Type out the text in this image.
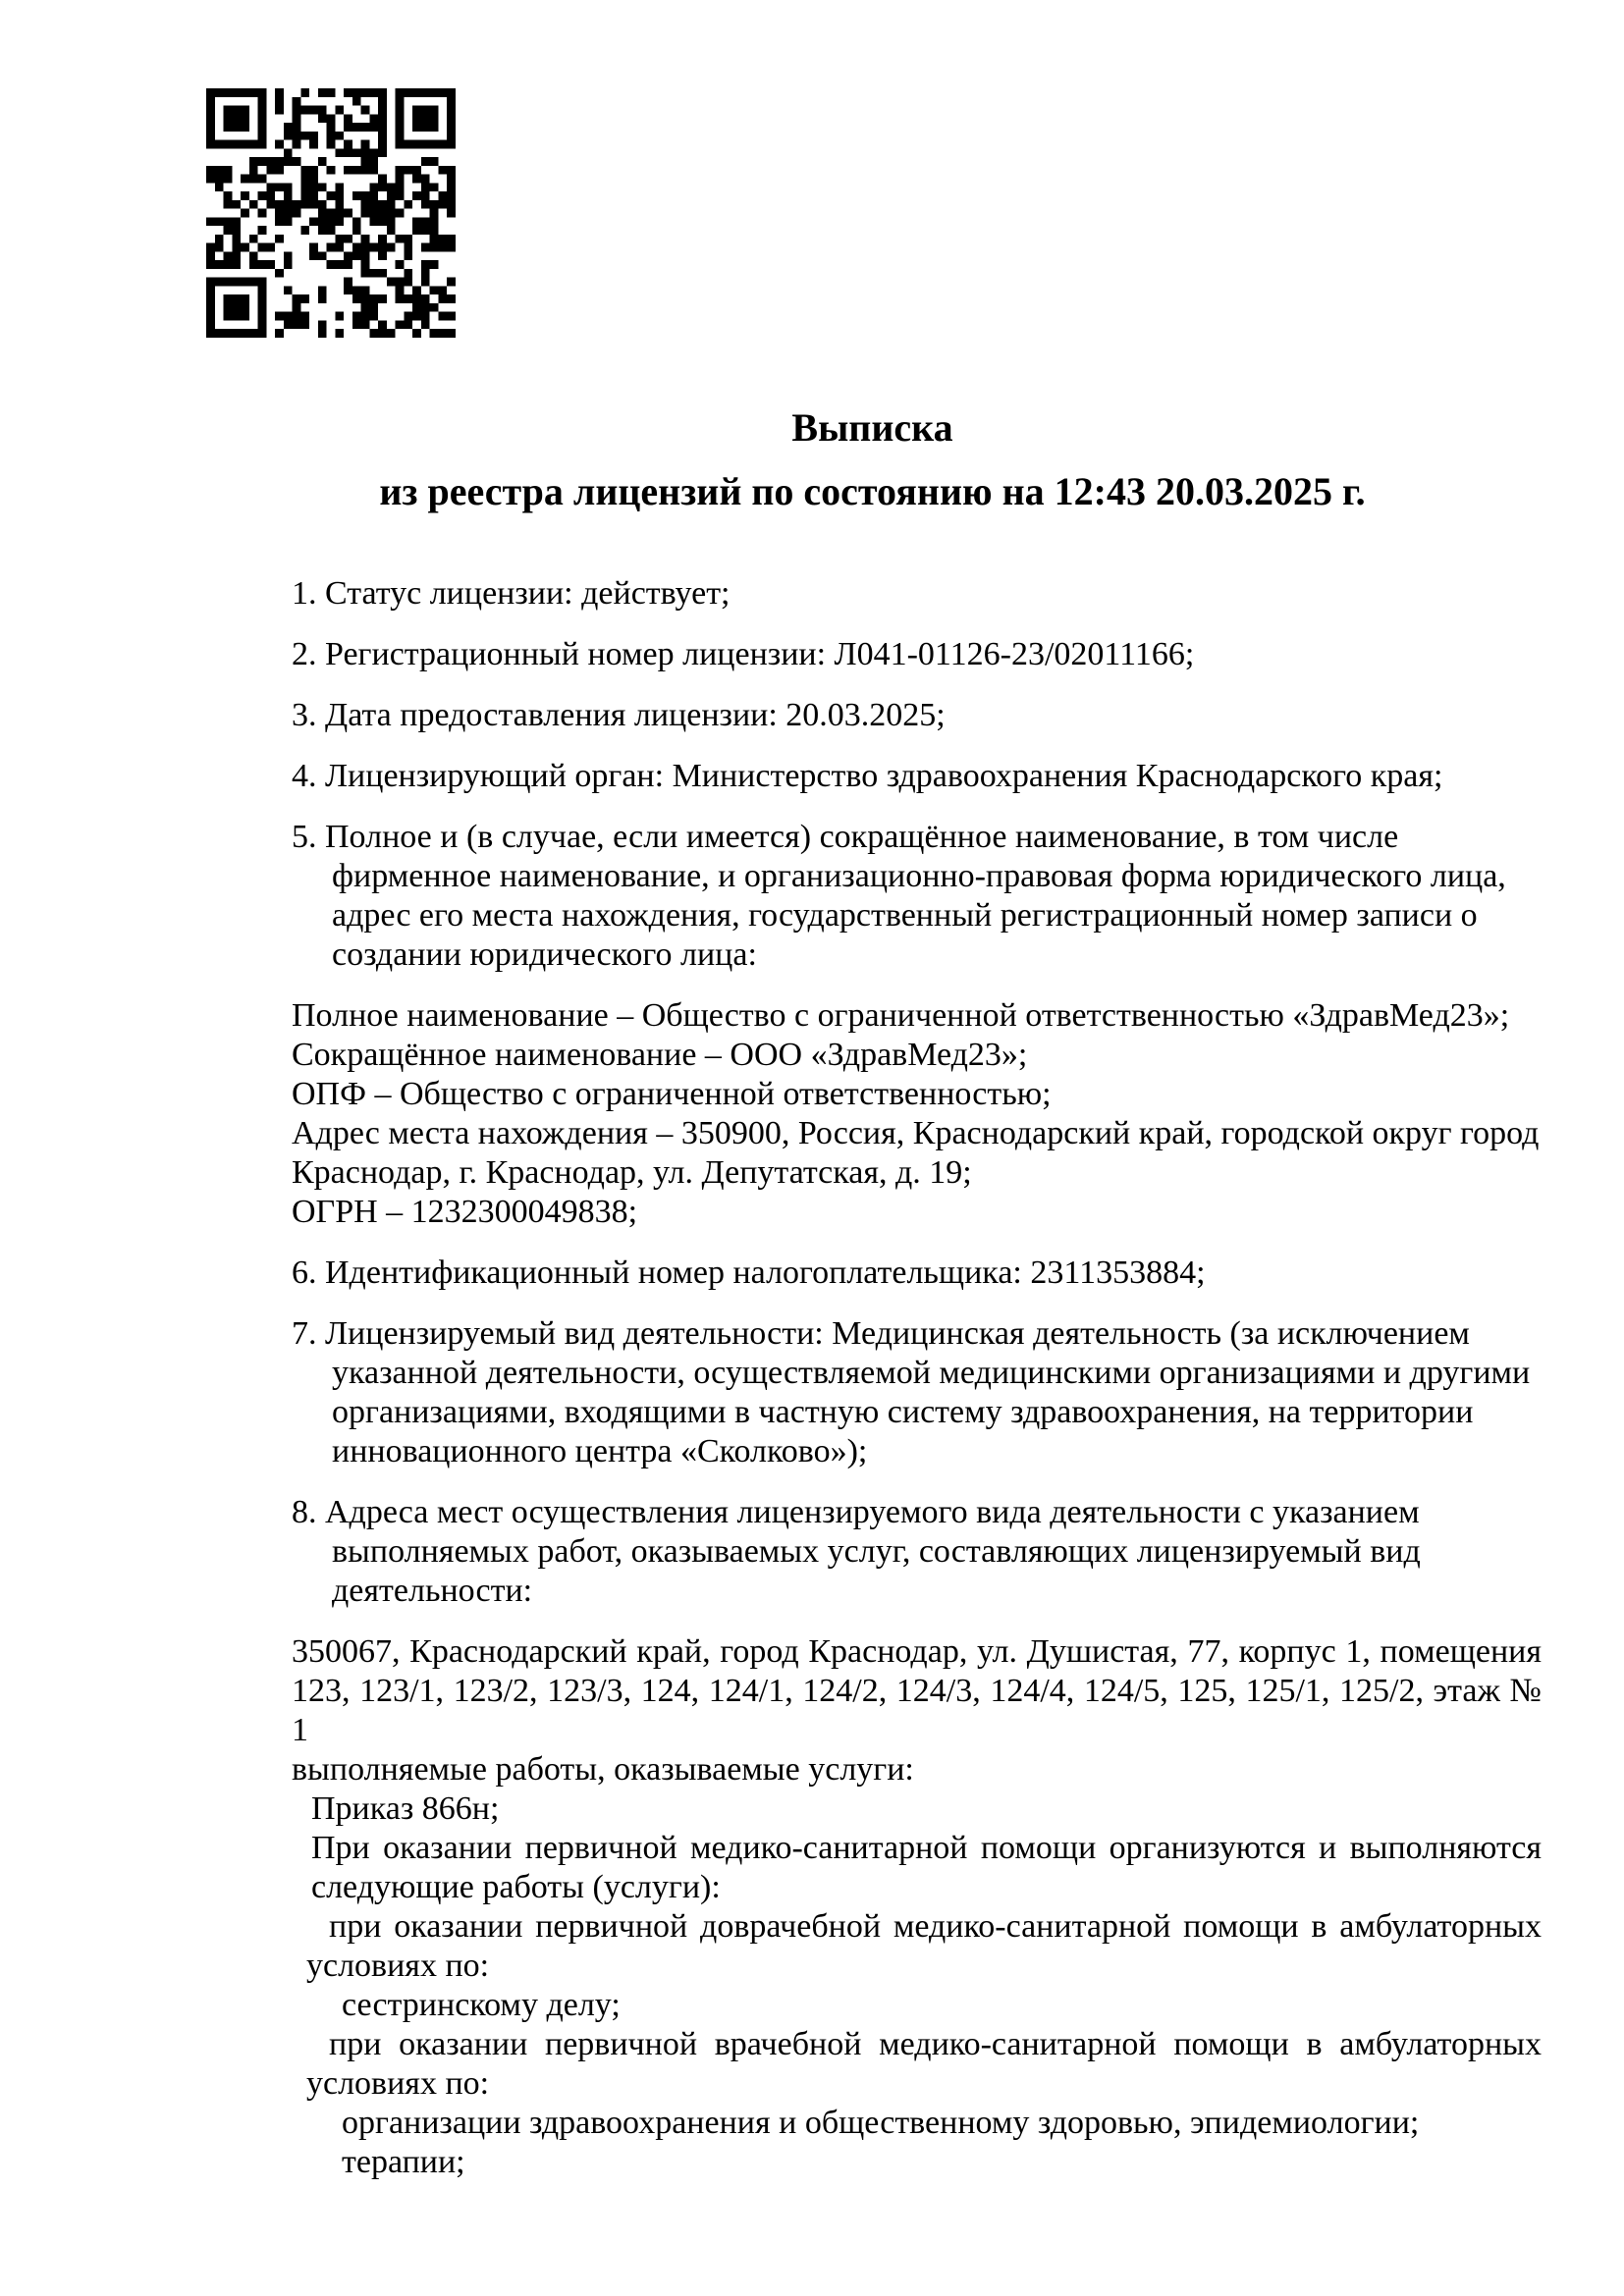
Выписка
из реестра лицензий по состоянию на 12:43 20.03.2025 г.

1. Статус лицензии: действует;

2. Регистрационный номер лицензии: Л041-01126-23/02011166;

3. Дата предоставления лицензии: 20.03.2025;

4. Лицензирующий орган: Министерство здравоохранения Краснодарского края;

5. Полное и (в случае, если имеется) сокращённое наименование, в том числе фирменное наименование, и организационно-правовая форма юридического лица, адрес его места нахождения, государственный регистрационный номер записи о создании юридического лица:

Полное наименование – Общество с ограниченной ответственностью «ЗдравМед23»;

Сокращённое наименование – ООО «ЗдравМед23»;

ОПФ – Общество с ограниченной ответственностью;

Адрес места нахождения – 350900, Россия, Краснодарский край, городской округ город Краснодар, г. Краснодар, ул. Депутатская, д. 19;

ОГРН – 1232300049838;

6. Идентификационный номер налогоплательщика: 2311353884;

7. Лицензируемый вид деятельности: Медицинская деятельность (за исключением указанной деятельности, осуществляемой медицинскими организациями и другими организациями, входящими в частную систему здравоохранения, на территории инновационного центра «Сколково»);

8. Адреса мест осуществления лицензируемого вида деятельности с указанием выполняемых работ, оказываемых услуг, составляющих лицензируемый вид деятельности:

350067, Краснодарский край, город Краснодар, ул. Душистая, 77, корпус 1, помещения 123, 123/1, 123/2, 123/3, 124, 124/1, 124/2, 124/3, 124/4, 124/5, 125, 125/1, 125/2, этаж № 1

выполняемые работы, оказываемые услуги:

Приказ 866н;

При оказании первичной медико-санитарной помощи организуются и выполняются следующие работы (услуги):

при оказании первичной доврачебной медико-санитарной помощи в амбулаторных условиях по:

сестринскому делу;

при оказании первичной врачебной медико-санитарной помощи в амбулаторных условиях по:

организации здравоохранения и общественному здоровью, эпидемиологии;

терапии;
